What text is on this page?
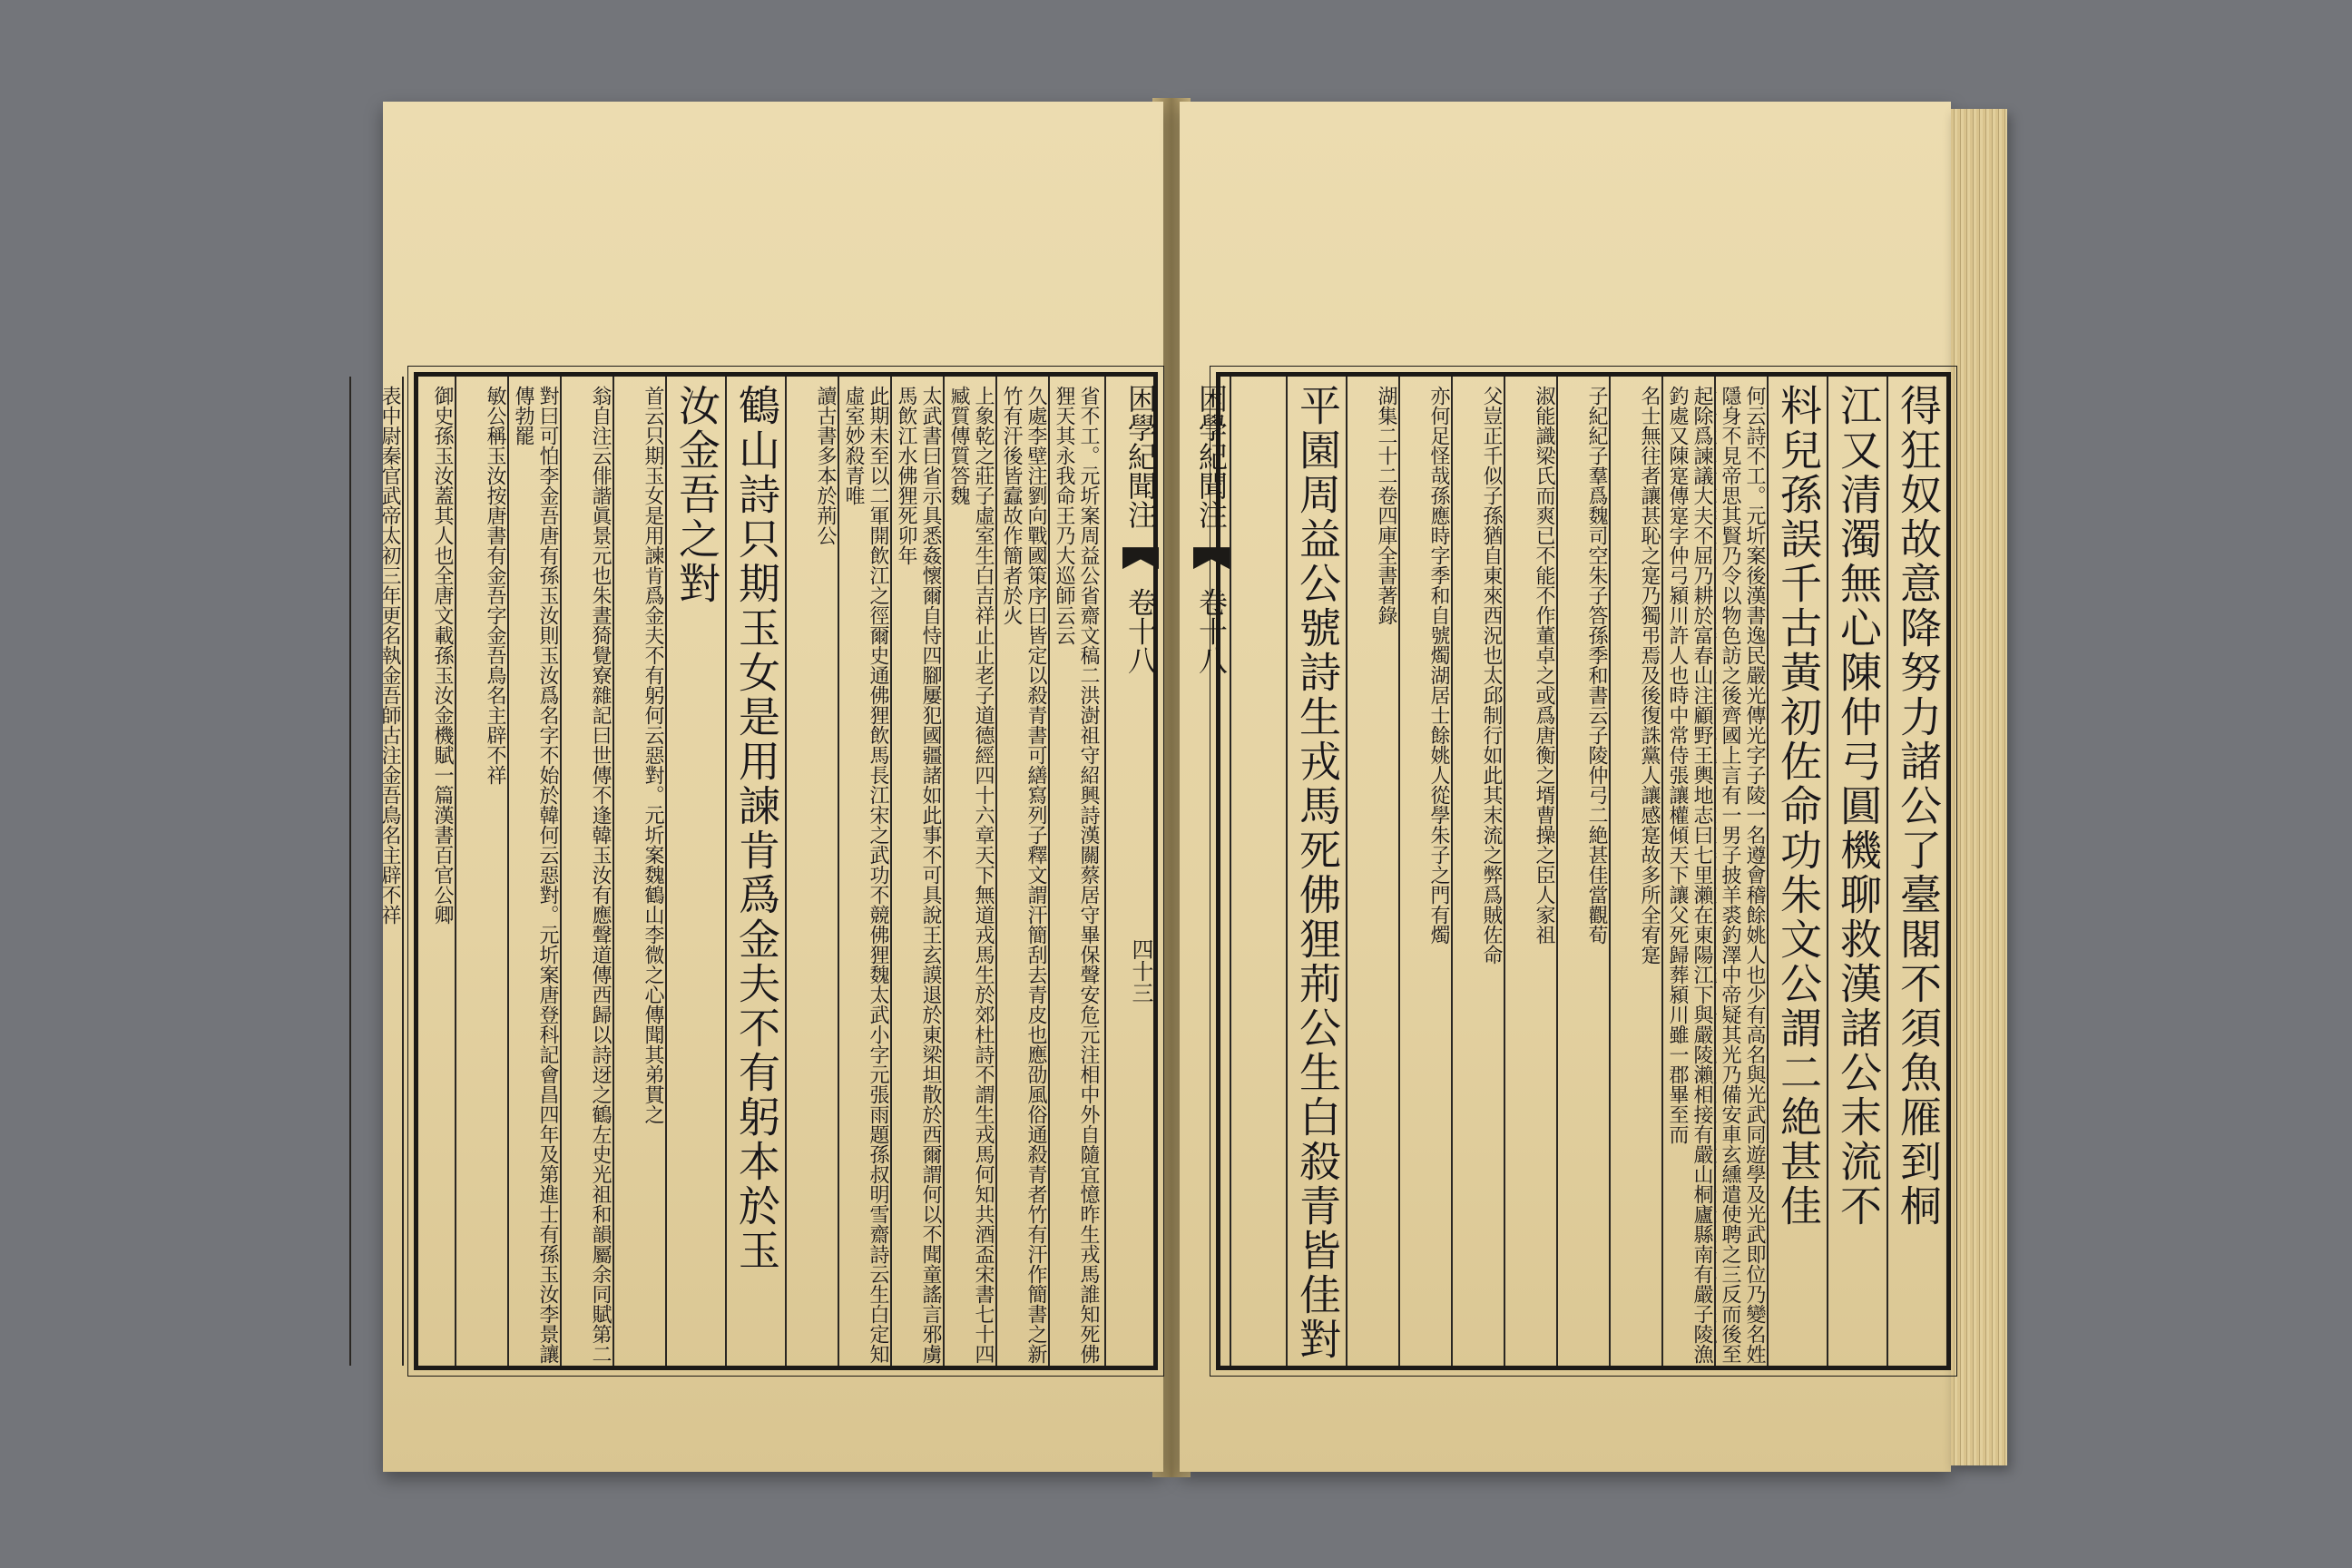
困學紀聞注  卷十八 四十三
省不工。元圻案周益公省齋文稿二洪澍祖守紹興詩漢關蔡居守畢保聲安危元注相中外自隨宜憶昨生戎馬誰知死佛狸天其永我命王乃大巡師云云
久處李壁注劉向戰國策序曰皆定以殺青書可繕寫列子釋文謂汗簡刮去青皮也應劭風俗通殺青者竹有汗作簡書之新竹有汗後皆蠧故作簡者於火
上象乾之莊子虛室生白吉祥止止老子道德經四十六章天下無道戎馬生於郊杜詩不謂生戎馬何知共酒盃宋書七十四臧質傳質答魏
太武書曰省示具悉姦懷爾自恃四腳屢犯國疆諸如此事不可具說王玄謨退於東梁坦散於西爾謂何以不聞童謠言邪虜馬飲江水佛狸死卯年
此期未至以二軍開飲江之徑爾史通佛狸飲馬長江宋之武功不競佛狸魏太武小字元張雨題孫叔明雪齋詩云生白定知虛室妙殺青唯
讀古書多本於荊公
鶴山詩只期玉女是用諫肯爲金夫不有躬本於玉
汝金吾之對
首云只期玉女是用諫肯爲金夫不有躬何云惡對。元圻案魏鶴山李微之心傳聞其弟貫之
翁自注云俳諧眞景元也朱晝猗覺寮雜記曰世傳不逢韓玉汝有應聲道傳西歸以詩迓之鶴左史光祖和韻屬余同賦第二
對曰可怕李金吾唐有孫玉汝則玉汝爲名字不始於韓何云惡對。元圻案唐登科記會昌四年及第進士有孫玉汝李景讓傳勃罷
敏公稱玉汝按唐書有金吾字金吾鳥名主辟不祥
御史孫玉汝蓋其人也全唐文載孫玉汝金機賦一篇漢書百官公卿
表中尉秦官武帝太初三年更名執金吾師古注金吾鳥名主辟不祥	困學紀聞注  卷十八	得狂奴故意降努力諸公了臺閣不須魚雁到桐
江又清濁無心陳仲弓圓機聊救漢諸公末流不
料兒孫誤千古黃初佐命功朱文公謂二絶甚佳
何云詩不工。元圻案後漢書逸民嚴光傳光字子陵一名遵會稽餘姚人也少有高名與光武同遊學及光武即位乃變名姓隱身不見帝思其賢乃令以物色訪之後齊國上言有一男子披羊裘釣澤中帝疑其光乃備安車玄纁遣使聘之三反而後至
起除爲諫議大夫不屈乃耕於富春山注顧野王輿地志曰七里瀨在東陽江下與嚴陵瀨相接有嚴山桐廬縣南有嚴子陵漁釣處又陳寔傳寔字仲弓潁川許人也時中常侍張讓權傾天下讓父死歸葬潁川雖一郡畢至而
名士無往者讓甚恥之寔乃獨弔焉及後復誅黨人讓感寔故多所全宥寔
子紀紀子羣爲魏司空朱子答孫季和書云子陵仲弓二絶甚佳當觀荀
淑能識梁氏而爽已不能不作董卓之或爲唐衡之壻曹操之臣人家祖
父豈正千似子孫猶自東來西況也太邱制行如此其末流之弊爲賊佐命
亦何足怪哉孫應時字季和自號燭湖居士餘姚人從學朱子之門有燭
湖集二十二卷四庫全書著錄
平園周益公號詩生戎馬死佛狸荊公生白殺青皆佳對
